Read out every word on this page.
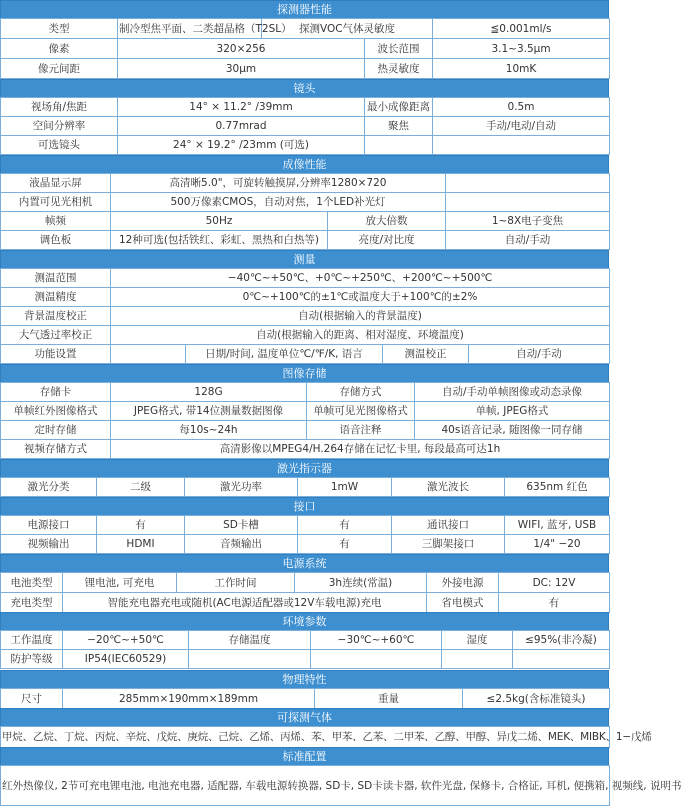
探测器性能
类型	制冷型焦平面、二类超晶格（T2SL）	探测VOC气体灵敏度		≦0.001ml/s
像素	320×256		波长范围	3.1~3.5μm
像元间距	30μm		热灵敏度	10mK
镜头
视场角/焦距	14° × 11.2° /39mm	最小成像距离	0.5m
空间分辨率	0.77mrad	聚焦	手动/电动/自动
可选镜头	24° × 19.2° /23mm (可选)		
成像性能
液晶显示屏	高清晰5.0"，可旋转触摸屏,分辨率1280×720		
内置可见光相机	500万像素CMOS，自动对焦，1个LED补光灯		
帧频	50Hz	放大倍数	1~8X电子变焦
调色板	12种可选(包括铁红、彩虹、黑热和白热等)	亮度/对比度	自动/手动
测量
测温范围	−40℃~+50℃、+0℃~+250℃、+200℃~+500℃			
测温精度	0℃~+100℃的±1℃或温度大于+100℃的±2%			
背景温度校正	自动(根据输入的背景温度)			
大气透过率校正	自动(根据输入的距离、相对湿度、环境温度)			
功能设置		日期/时间, 温度单位℃/℉/K, 语言	测温校正	自动/手动
图像存储
存储卡	128G	存储方式	自动/手动单帧图像或动态录像
单帧红外图像格式	JPEG格式, 带14位测量数据图像	单帧可见光图像格式	单帧, JPEG格式
定时存储	每10s~24h	语音注释	40s语音记录, 随图像一同存储
视频存储方式	高清影像以MPEG4/H.264存储在记忆卡里, 每段最高可达1h		
激光指示器
激光分类	二级	激光功率	1mW	激光波长	635nm 红色
接口
电源接口	有	SD卡槽	有	通讯接口	WIFI, 蓝牙, USB
视频输出	HDMI	音频输出	有	三脚架接口	1/4" −20
电源系统
电池类型	锂电池, 可充电	工作时间	3h连续(常温)	外接电源	DC: 12V
充电类型	智能充电器充电或随机(AC电源适配器或12V车载电源)充电			省电模式	有
环境参数
工作温度	−20℃~+50℃	存储温度	−30℃~+60℃	湿度	≤95%(非冷凝)
防护等级	IP54(IEC60529)				
物理特性
尺寸	285mm×190mm×189mm	重量	≤2.5kg(含标准镜头)
可探测气体
甲烷、乙烷、丁烷、丙烷、辛烷、戊烷、庚烷、己烷、乙烯、丙烯、苯、甲苯、乙苯、二甲苯、乙醇、甲醇、异戊二烯、MEK、MIBK、1−戊烯
标准配置
红外热像仪, 2节可充电锂电池, 电池充电器, 适配器, 车载电源转换器, SD卡, SD卡读卡器, 软件光盘, 保修卡, 合格证, 耳机, 便携箱, 视频线, 说明书
